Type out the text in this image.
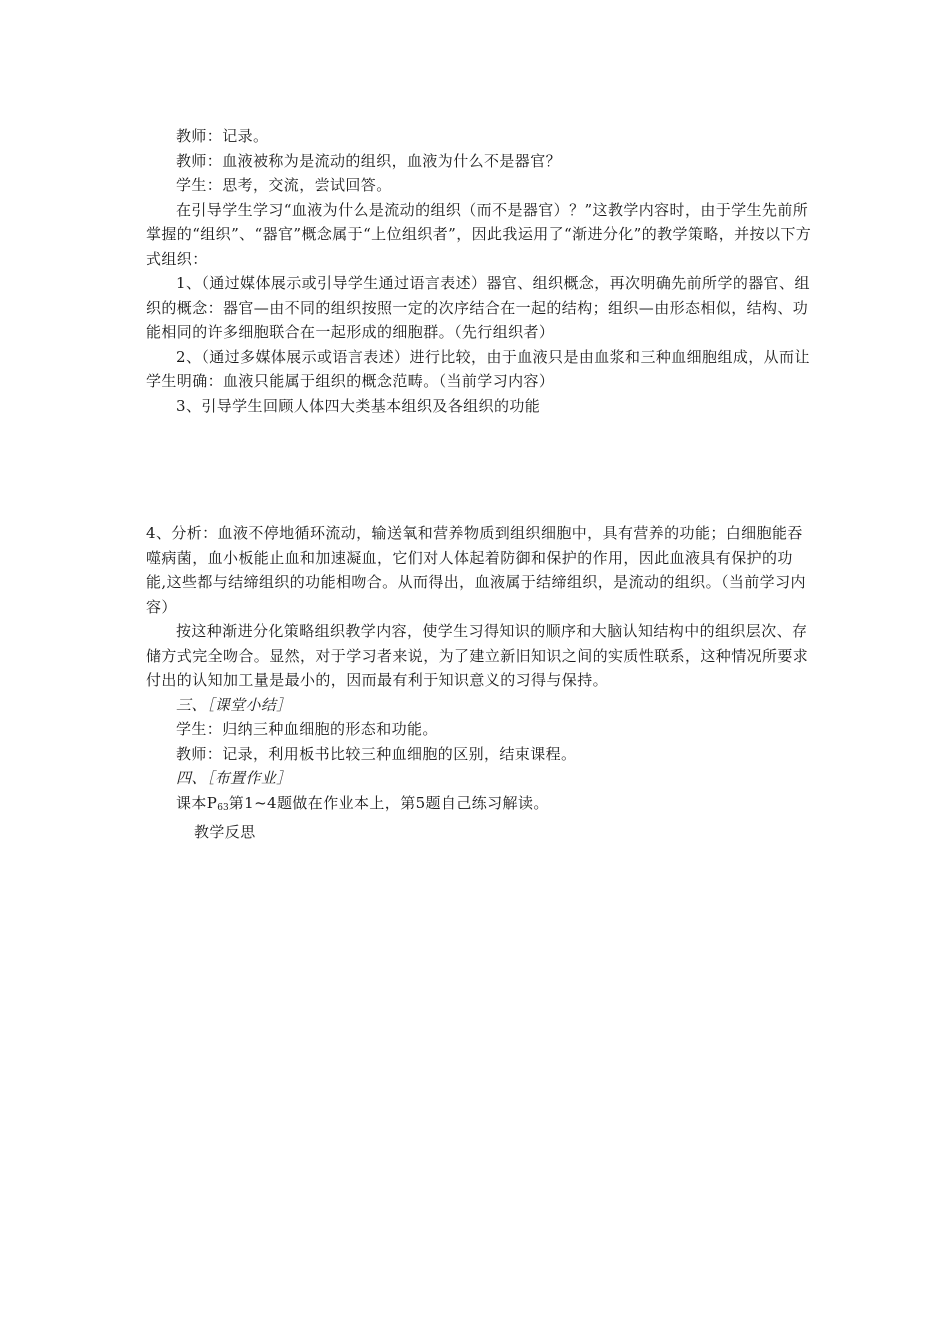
教师：记录。

教师：血液被称为是流动的组织，血液为什么不是器官？

学生：思考，交流，尝试回答。

在引导学生学习“血液为什么是流动的组织（而不是器官）？”这教学内容时，由于学生先前所掌握的“组织”、“器官”概念属于“上位组织者”，因此我运用了“渐进分化”的教学策略，并按以下方式组织：

1、（通过媒体展示或引导学生通过语言表述）器官、组织概念，再次明确先前所学的器官、组织的概念：器官—由不同的组织按照一定的次序结合在一起的结构；组织—由形态相似，结构、功能相同的许多细胞联合在一起形成的细胞群。（先行组织者）

2、（通过多媒体展示或语言表述）进行比较，由于血液只是由血浆和三种血细胞组成，从而让学生明确：血液只能属于组织的概念范畴。（当前学习内容）

3、引导学生回顾人体四大类基本组织及各组织的功能

4、分析：血液不停地循环流动，输送氧和营养物质到组织细胞中，具有营养的功能；白细胞能吞噬病菌，血小板能止血和加速凝血，它们对人体起着防御和保护的作用，因此血液具有保护的功能,这些都与结缔组织的功能相吻合。从而得出，血液属于结缔组织，是流动的组织。（当前学习内容）

按这种渐进分化策略组织教学内容，使学生习得知识的顺序和大脑认知结构中的组织层次、存储方式完全吻合。显然，对于学习者来说，为了建立新旧知识之间的实质性联系，这种情况所要求付出的认知加工量是最小的，因而最有利于知识意义的习得与保持。

三、［课堂小结］

学生：归纳三种血细胞的形态和功能。

教师：记录，利用板书比较三种血细胞的区别，结束课程。

四、［布置作业］

课本$P_{63}$第1~4题做在作业本上，第5题自己练习解读。

教学反思
